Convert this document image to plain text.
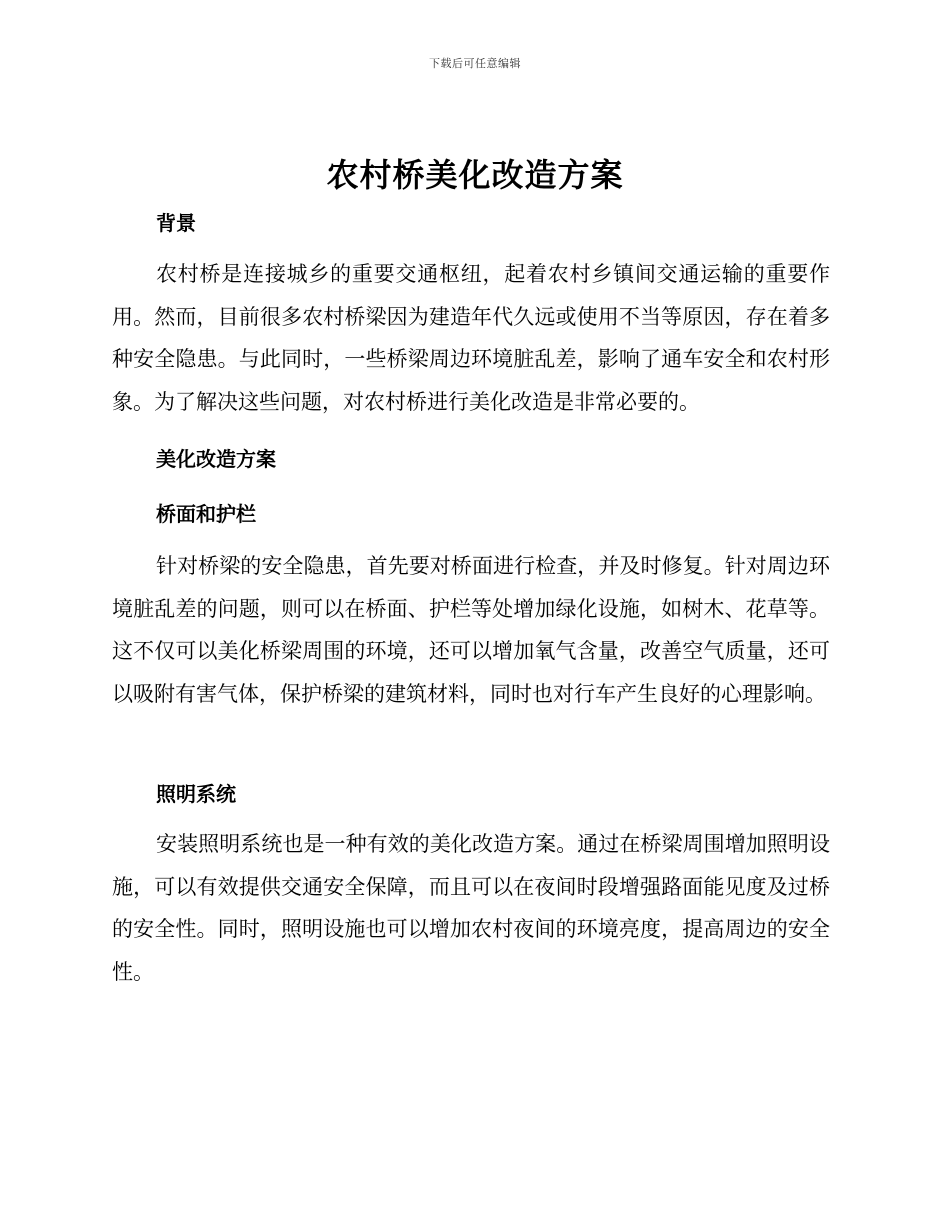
下载后可任意编辑
农村桥美化改造方案
背景

农村桥是连接城乡的重要交通枢纽，起着农村乡镇间交通运输的重要作用。然而，目前很多农村桥梁因为建造年代久远或使用不当等原因，存在着多种安全隐患。与此同时，一些桥梁周边环境脏乱差，影响了通车安全和农村形象。为了解决这些问题，对农村桥进行美化改造是非常必要的。

美化改造方案
桥面和护栏

针对桥梁的安全隐患，首先要对桥面进行检查，并及时修复。针对周边环境脏乱差的问题，则可以在桥面、护栏等处增加绿化设施，如树木、花草等。这不仅可以美化桥梁周围的环境，还可以增加氧气含量，改善空气质量，还可以吸附有害气体，保护桥梁的建筑材料，同时也对行车产生良好的心理影响。

照明系统

安装照明系统也是一种有效的美化改造方案。通过在桥梁周围增加照明设施，可以有效提供交通安全保障，而且可以在夜间时段增强路面能见度及过桥的安全性。同时，照明设施也可以增加农村夜间的环境亮度，提高周边的安全性。
